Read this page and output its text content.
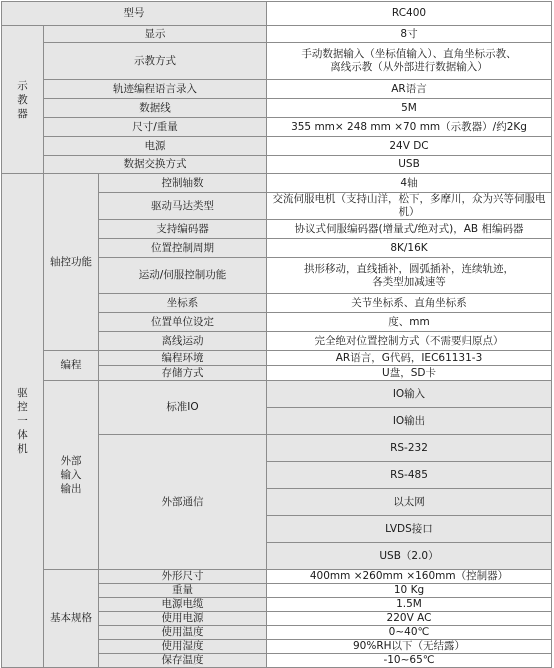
型号			RC400	
示
教
器	显示		8寸	
	示教方式		手动数据输入（坐标值输入）、直角坐标示教、
离线示教（从外部进行数据输入）	
	轨迹编程语言录入		AR语言	
	数据线		5M	
	尺寸/重量		355 mm× 248 mm ×70 mm（示教器）/约2Kg	
	电源		24V DC	
	数据交换方式		USB	
驱
控
一
体
机	轴控功能	控制轴数	4轴	
		驱动马达类型	交流伺服电机（支持山洋，松下，多摩川，众为兴等伺服电机）	
		支持编码器	协议式伺服编码器(增量式/绝对式)，AB 相编码器	
		位置控制周期	8K/16K	
		运动/伺服控制功能	拱形移动，直线插补，圆弧插补，连续轨迹，
各类型加减速等	
		坐标系	关节坐标系、直角坐标系	
		位置单位设定	度、mm	
		离线运动	完全绝对位置控制方式（不需要归原点）	
	编程	编程环境	AR语言，G代码，IEC61131-3	
		存储方式	U盘，SD卡	
	外部
输入
输出	标准IO	IO输入	
			IO输出	
		外部通信	RS-232	
			RS-485	
			以太网	
			LVDS接口	
			USB（2.0）	
	基本规格	外形尺寸	400mm ×260mm ×160mm（控制器）	
		重量	10 Kg	
		电源电缆	1.5M	
		使用电源	220V AC	
		使用温度	0~40℃	
		使用湿度	90%RH以下（无结露）	
		保存温度	-10~65℃	
